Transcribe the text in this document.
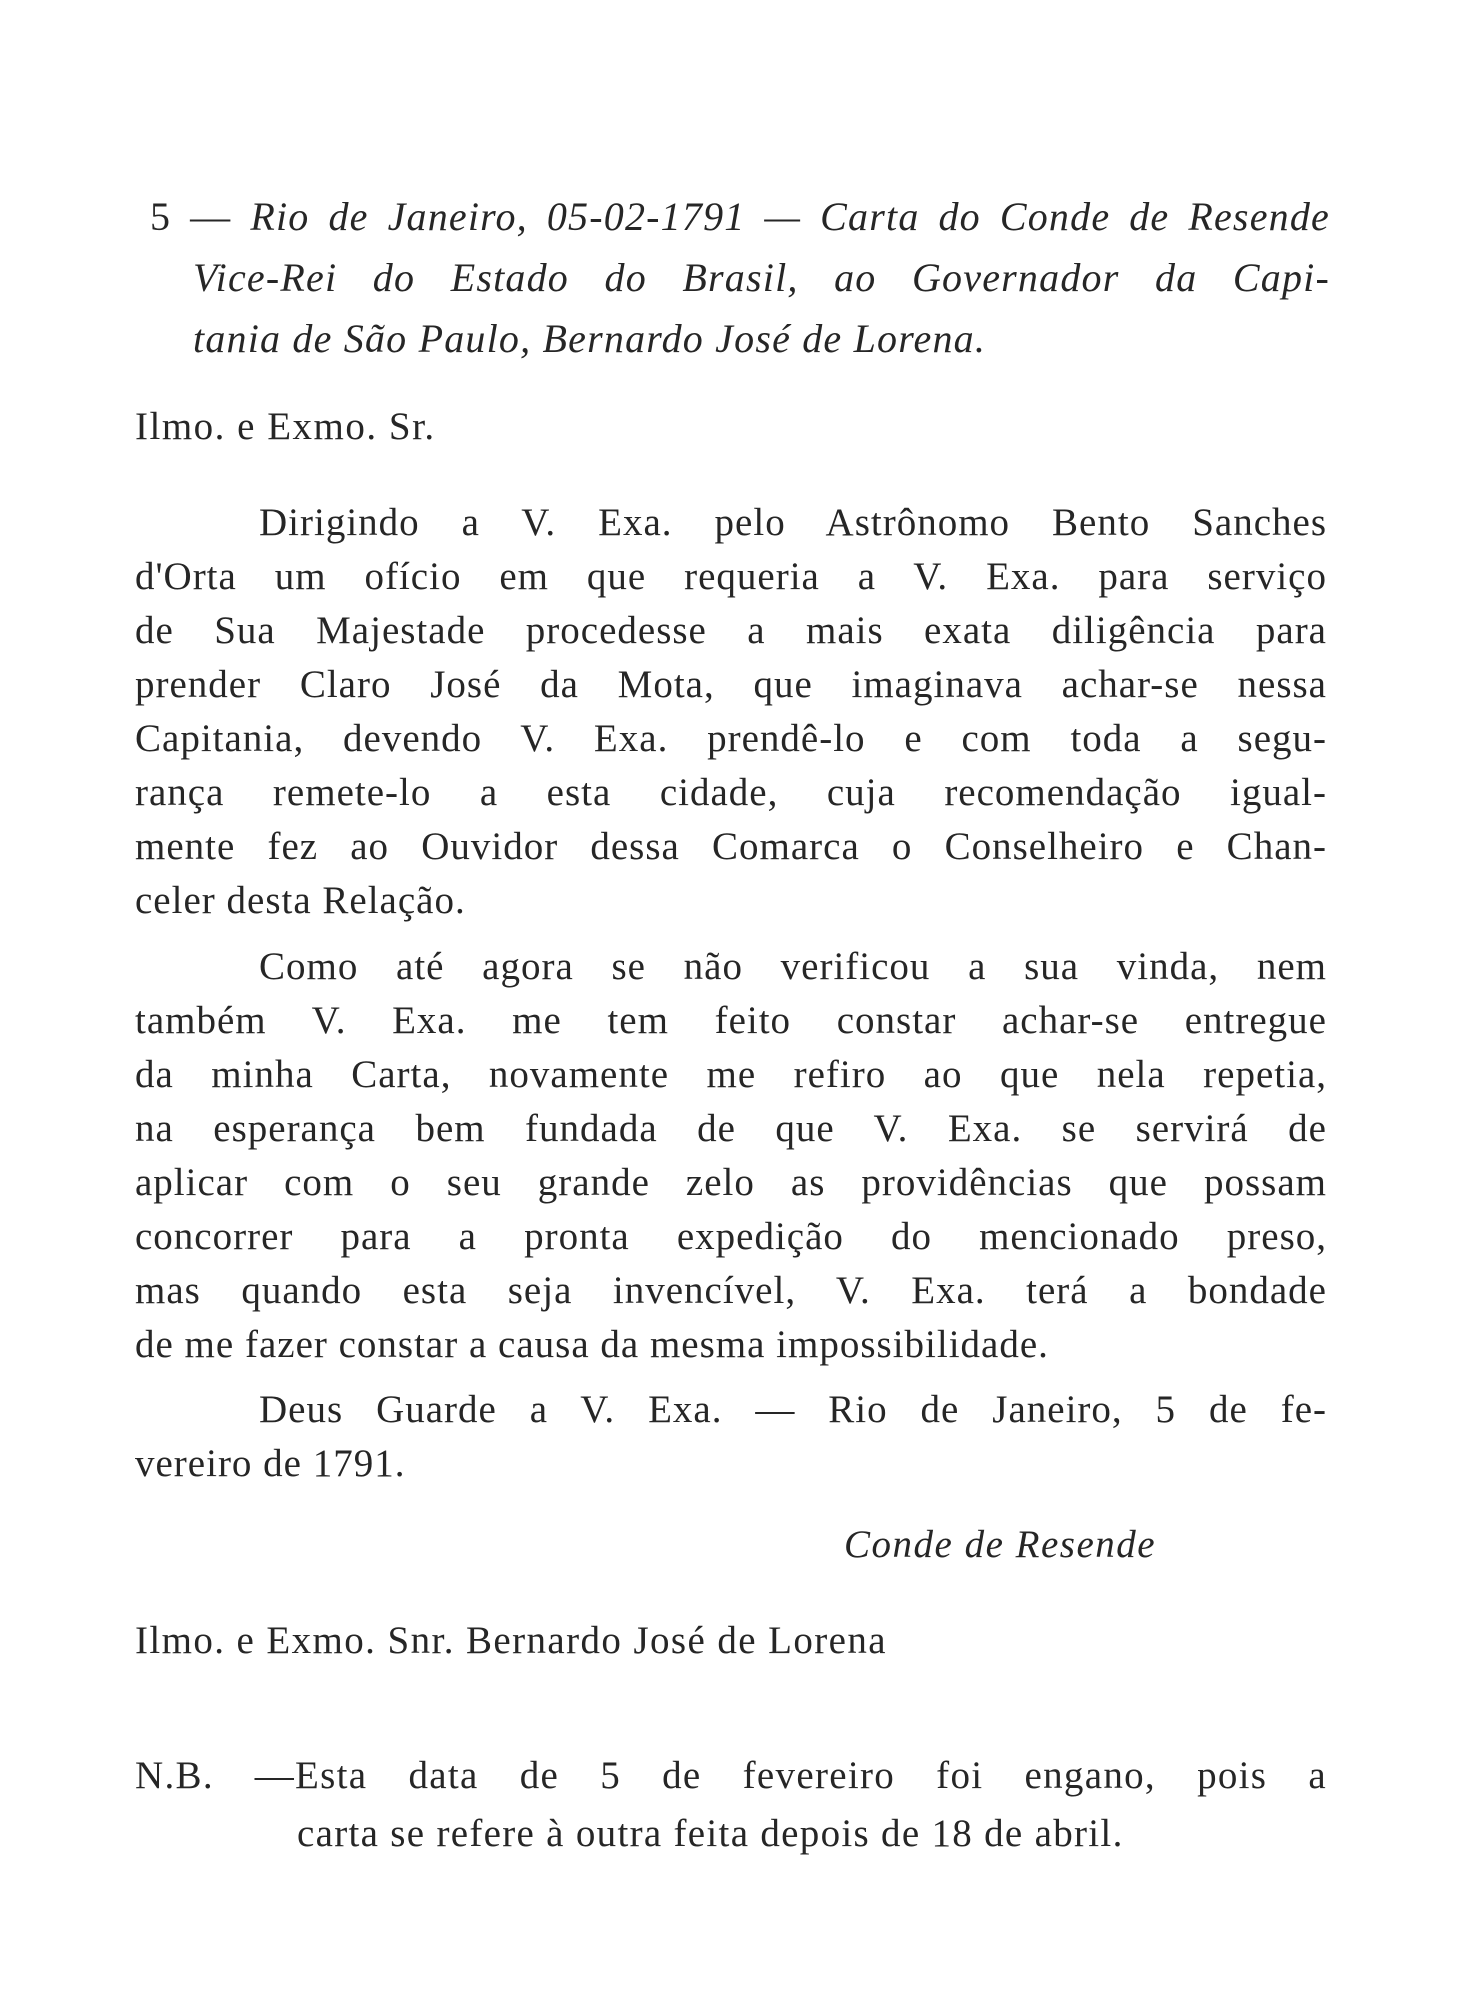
5 — Rio de Janeiro, 05-02-1791 — Carta do Conde de Resende
Vice-Rei do Estado do Brasil, ao Governador da Capi-
tania de São Paulo, Bernardo José de Lorena.
Ilmo. e Exmo. Sr.
Dirigindo a V. Exa. pelo Astrônomo Bento Sanches
d'Orta um ofício em que requeria a V. Exa. para serviço
de Sua Majestade procedesse a mais exata diligência para
prender Claro José da Mota, que imaginava achar-se nessa
Capitania, devendo V. Exa. prendê-lo e com toda a segu-
rança remete-lo a esta cidade, cuja recomendação igual-
mente fez ao Ouvidor dessa Comarca o Conselheiro e Chan-
celer desta Relação.
Como até agora se não verificou a sua vinda, nem
também V. Exa. me tem feito constar achar-se entregue
da minha Carta, novamente me refiro ao que nela repetia,
na esperança bem fundada de que V. Exa. se servirá de
aplicar com o seu grande zelo as providências que possam
concorrer para a pronta expedição do mencionado preso,
mas quando esta seja invencível, V. Exa. terá a bondade
de me fazer constar a causa da mesma impossibilidade.
Deus Guarde a V. Exa. — Rio de Janeiro, 5 de fe-
vereiro de 1791.
Conde de Resende
Ilmo. e Exmo. Snr. Bernardo José de Lorena
N.B. —Esta data de 5 de fevereiro foi engano, pois a
carta se refere à outra feita depois de 18 de abril.
